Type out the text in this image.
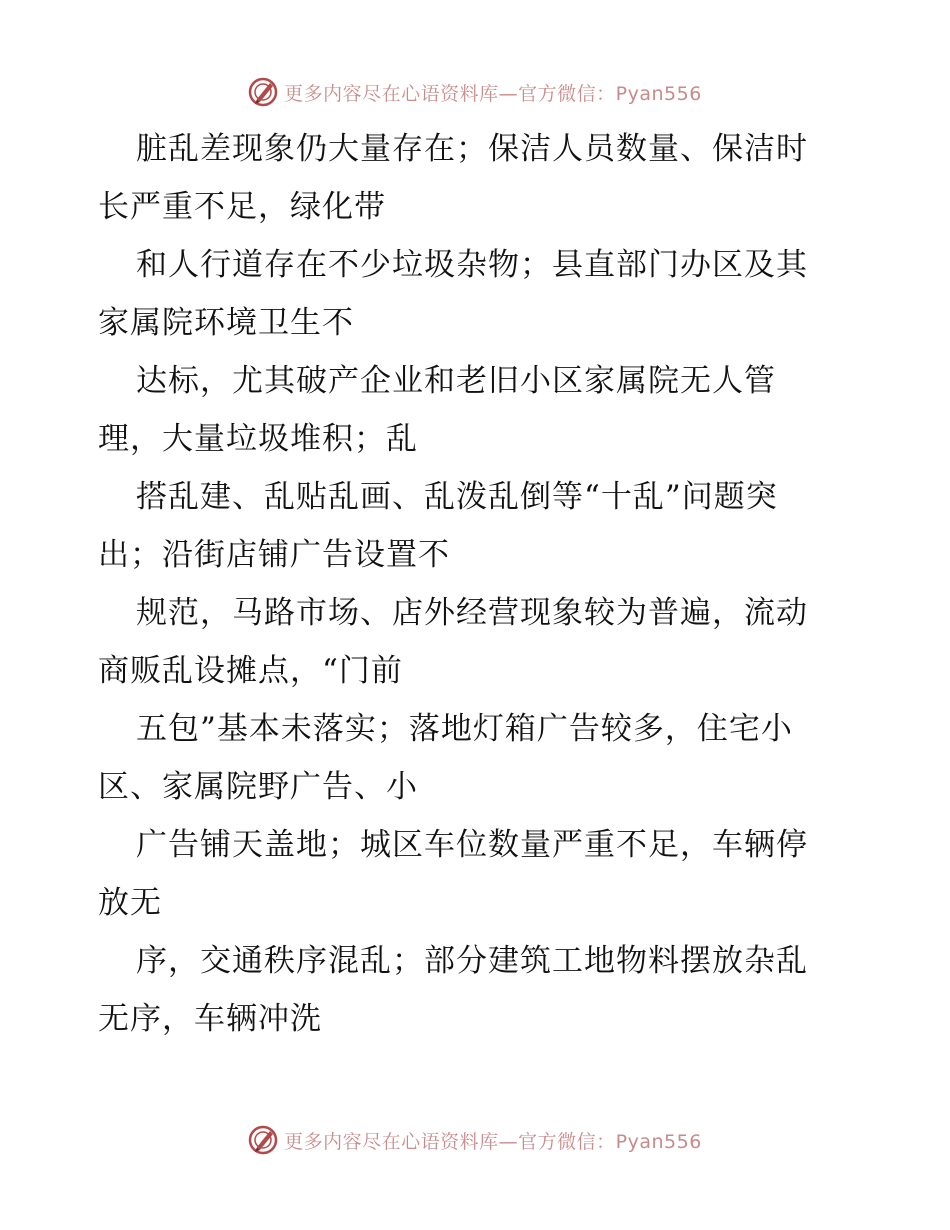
更多内容尽在心语资料库—官方微信：Pyan556

脏乱差现象仍大量存在；保洁人员数量、保洁时
长严重不足，绿化带

和人行道存在不少垃圾杂物；县直部门办区及其
家属院环境卫生不

达标，尤其破产企业和老旧小区家属院无人管
理，大量垃圾堆积；乱

搭乱建、乱贴乱画、乱泼乱倒等“十乱”问题突
出；沿街店铺广告设置不

规范，马路市场、店外经营现象较为普遍，流动
商贩乱设摊点，“门前

五包”基本未落实；落地灯箱广告较多，住宅小
区、家属院野广告、小

广告铺天盖地；城区车位数量严重不足，车辆停
放无

序，交通秩序混乱；部分建筑工地物料摆放杂乱
无序，车辆冲洗

更多内容尽在心语资料库—官方微信：Pyan556
